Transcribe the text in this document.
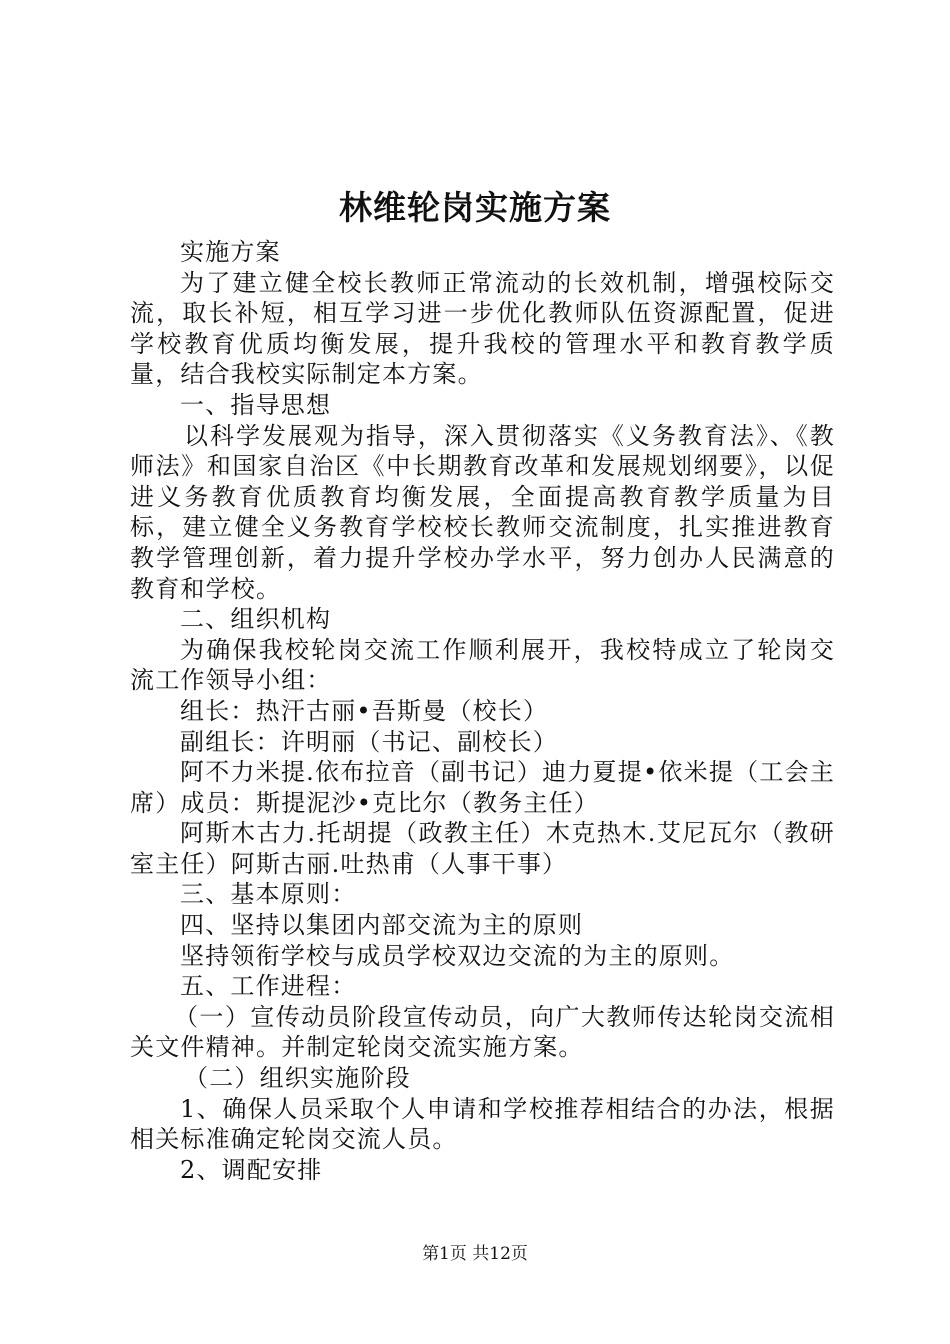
林维轮岗实施方案

实施方案

为了建立健全校长教师正常流动的长效机制，增强校际交流，取长补短，相互学习进一步优化教师队伍资源配置，促进学校教育优质均衡发展，提升我校的管理水平和教育教学质量，结合我校实际制定本方案。

一、指导思想

以科学发展观为指导，深入贯彻落实《义务教育法》、《教师法》和国家自治区《中长期教育改革和发展规划纲要》，以促进义务教育优质教育均衡发展，全面提高教育教学质量为目标，建立健全义务教育学校校长教师交流制度，扎实推进教育教学管理创新，着力提升学校办学水平，努力创办人民满意的教育和学校。

二、组织机构

为确保我校轮岗交流工作顺利展开，我校特成立了轮岗交流工作领导小组：

组长：热汗古丽•吾斯曼（校长）

副组长：许明丽（书记、副校长）

阿不力米提.依布拉音（副书记）迪力夏提•依米提（工会主席）成员：斯提泥沙•克比尔（教务主任）

阿斯木古力.托胡提（政教主任）木克热木.艾尼瓦尔（教研室主任）阿斯古丽.吐热甫（人事干事）

三、基本原则：

四、坚持以集团内部交流为主的原则

坚持领衔学校与成员学校双边交流的为主的原则。

五、工作进程：

（一）宣传动员阶段宣传动员，向广大教师传达轮岗交流相关文件精神。并制定轮岗交流实施方案。

（二）组织实施阶段

1、确保人员采取个人申请和学校推荐相结合的办法，根据相关标准确定轮岗交流人员。

2、调配安排

第1页 共12页
